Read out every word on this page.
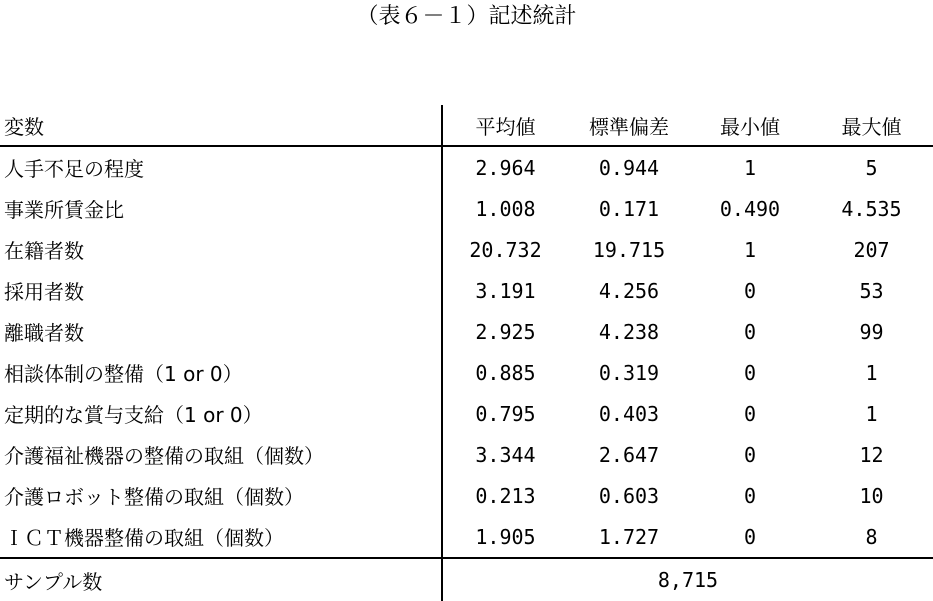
（表６－１）記述統計
変数	平均値	標準偏差	最小値	最大値
人手不足の程度	2.964	0.944	1	5
事業所賃金比	1.008	0.171	0.490	4.535
在籍者数	20.732	19.715	1	207
採用者数	3.191	4.256	0	53
離職者数	2.925	4.238	0	99
相談体制の整備（1 or 0）	0.885	0.319	0	1
定期的な賞与支給（1 or 0）	0.795	0.403	0	1
介護福祉機器の整備の取組（個数）	3.344	2.647	0	12
介護ロボット整備の取組（個数）	0.213	0.603	0	10
ＩＣＴ機器整備の取組（個数）	1.905	1.727	0	8
サンプル数	8,715			
